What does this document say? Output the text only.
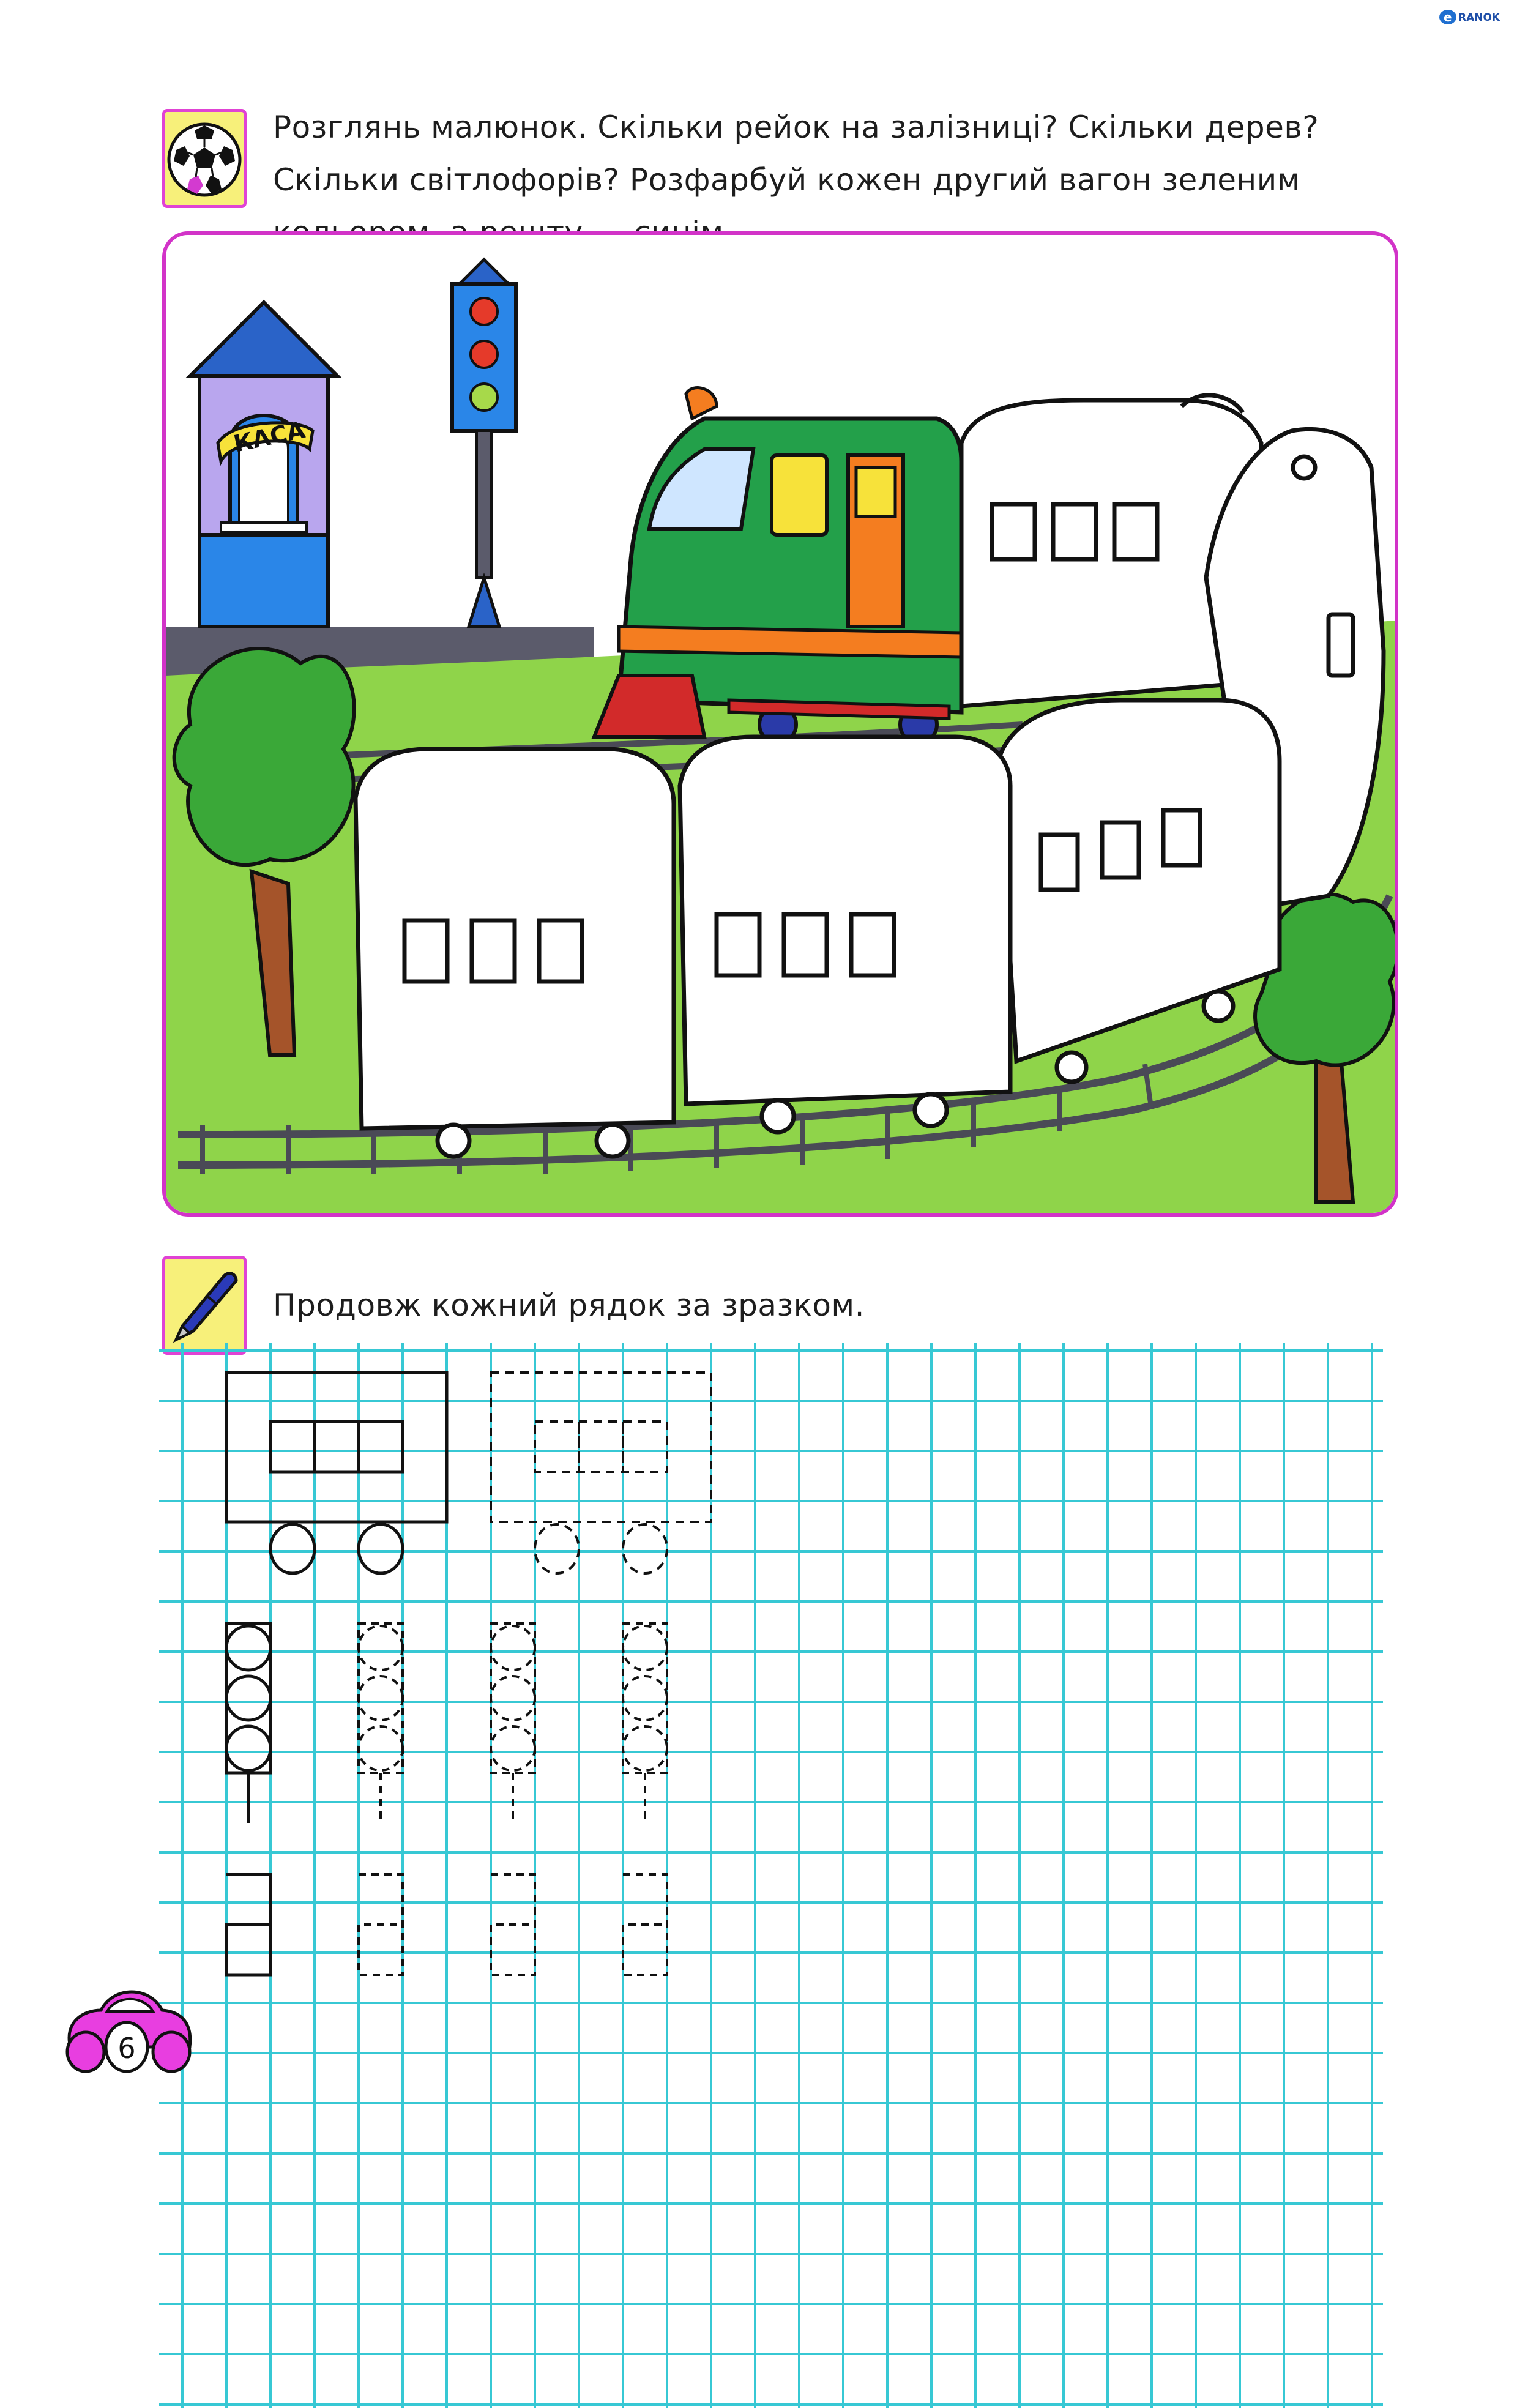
e RANOK
Розглянь малюнок. Скільки рейок на залізниці? Скільки дерев? Скільки світлофорів? Розфарбуй кожен другий вагон зеленим
КАСА
Продовж кожний рядок за зразком.
6
